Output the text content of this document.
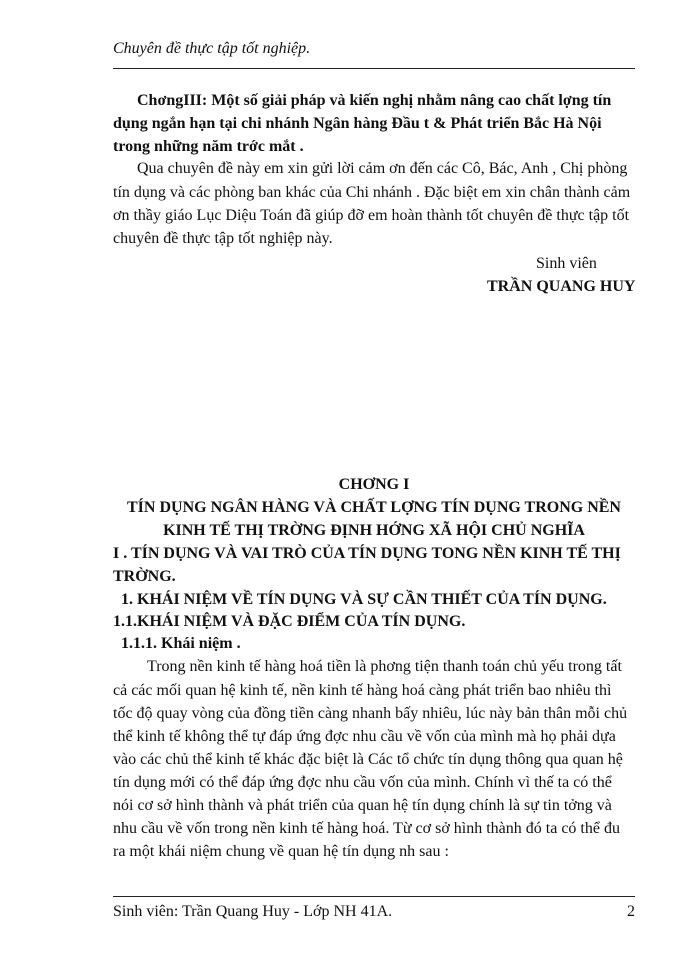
Chuyên đề thực tập tốt nghiệp.
ChơngIII: Một số giải pháp và kiến nghị nhằm nâng cao chất lợng tín
dụng ngắn hạn tại chi nhánh Ngân hàng Đầu t & Phát triển Bắc Hà Nội
trong những năm trớc mắt .
Qua chuyên đề này em xin gửi lời cảm ơn đến các Cô, Bác, Anh , Chị phòng
tín dụng và các phòng ban khác của Chi nhánh . Đặc biệt em xin chân thành cảm
ơn thầy giáo Lục Diệu Toán đã giúp đỡ em hoàn thành tốt chuyên đề thực tập tốt
chuyên đề thực tập tốt nghiệp này.
Sinh viên
TRẦN QUANG HUY
CHƠNG I
TÍN DỤNG NGÂN HÀNG VÀ CHẤT LỢNG TÍN DỤNG TRONG NỀN
KINH TẾ THỊ TRỜNG ĐỊNH HỚNG XÃ HỘI CHỦ NGHĨA
I . TÍN DỤNG VÀ VAI TRÒ CỦA TÍN DỤNG TONG NỀN KINH TẾ THỊ
TRỜNG.
1. KHÁI NIỆM VỀ TÍN DỤNG VÀ SỰ CẦN THIẾT CỦA TÍN DỤNG.
1.1.KHÁI NIỆM VÀ ĐẶC ĐIỂM CỦA TÍN DỤNG.
1.1.1. Khái niệm .
Trong nền kinh tế hàng hoá tiền là phơng tiện thanh toán chủ yếu trong tất
cả các mối quan hệ kinh tế, nền kinh tế hàng hoá càng phát triển bao nhiêu thì
tốc độ quay vòng của đồng tiền càng nhanh bấy nhiêu, lúc này bản thân mỗi chủ
thể kinh tế không thể tự đáp ứng đợc nhu cầu về vốn của mình mà họ phải dựa
vào các chủ thể kinh tế khác đặc biệt là Các tổ chức tín dụng thông qua quan hệ
tín dụng mới có thể đáp ứng đợc nhu cầu vốn của mình. Chính vì thế ta có thể
nói cơ sở hình thành và phát triển của quan hệ tín dụng chính là sự tin tởng và
nhu cầu về vốn trong nền kinh tế hàng hoá. Từ cơ sở hình thành đó ta có thể đu
ra một khái niệm chung về quan hệ tín dụng nh sau :
Sinh viên: Trần Quang Huy - Lớp NH 41A.	2
